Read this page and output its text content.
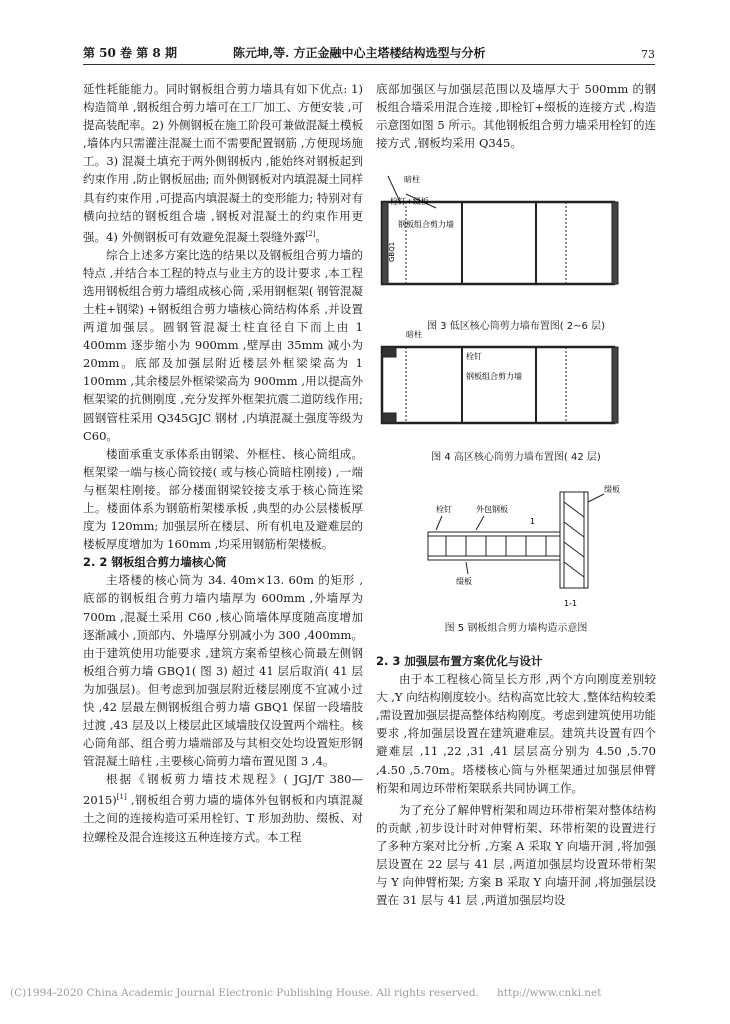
第 50 卷 第 8 期	陈元坤,等. 方正金融中心主塔楼结构选型与分析	73

延性耗能能力。同时钢板组合剪力墙具有如下优点: 1) 构造简单 ,钢板组合剪力墙可在工厂加工、方便安装 ,可提高装配率。2) 外侧钢板在施工阶段可兼做混凝土模板 ,墙体内只需灌注混凝土而不需要配置钢筋 ,方便现场施工。3) 混凝土填充于两外侧钢板内 ,能始终对钢板起到约束作用 ,防止钢板屈曲; 而外侧钢板对内填混凝土同样具有约束作用 ,可提高内填混凝土的变形能力; 特别对有横向拉结的钢板组合墙 ,钢板对混凝土的约束作用更强。4) 外侧钢板可有效避免混凝土裂缝外露[2]。

综合上述多方案比选的结果以及钢板组合剪力墙的特点 ,并结合本工程的特点与业主方的设计要求 ,本工程选用钢板组合剪力墙组成核心筒 ,采用钢框架( 钢管混凝土柱+钢梁) +钢板组合剪力墙核心筒结构体系 ,并设置两道加强层。圆钢管混凝土柱直径自下而上由 1 400mm 逐步缩小为 900mm ,壁厚由 35mm 减小为 20mm。底部及加强层附近楼层外框梁梁高为 1 100mm ,其余楼层外框梁梁高为 900mm ,用以提高外框架梁的抗侧刚度 ,充分发挥外框架抗震二道防线作用; 圆钢管柱采用 Q345GJC 钢材 ,内填混凝土强度等级为 C60。

楼面承重支承体系由钢梁、外框柱、核心筒组成。框架梁一端与核心筒铰接( 或与核心筒暗柱刚接) ,一端与框架柱刚接。部分楼面钢梁铰接支承于核心筒连梁上。楼面体系为钢筋桁架楼承板 ,典型的办公层楼板厚度为 120mm; 加强层所在楼层、所有机电及避难层的楼板厚度增加为 160mm ,均采用钢筋桁架楼板。

2. 2 钢板组合剪力墙核心筒

主塔楼的核心筒为 34. 40m×13. 60m 的矩形 ,底部的钢板组合剪力墙内墙厚为 600mm ,外墙厚为 700m ,混凝土采用 C60 ,核心筒墙体厚度随高度增加逐渐减小 ,顶部内、外墙厚分别减小为 300 ,400mm。由于建筑使用功能要求 ,建筑方案希望核心筒最左侧钢板组合剪力墙 GBQ1( 图 3) 超过 41 层后取消( 41 层为加强层)。但考虑到加强层附近楼层刚度不宜减小过快 ,42 层最左侧钢板组合剪力墙 GBQ1 保留一段墙肢过渡 ,43 层及以上楼层此区域墙肢仅设置两个端柱。核心筒角部、组合剪力墙端部及与其相交处均设置矩形钢管混凝土暗柱 ,主要核心筒剪力墙布置见图 3 ,4。

根据《钢板剪力墙技术规程》( JGJ/T 380—2015)[1] ,钢板组合剪力墙的墙体外包钢板和内填混凝土之间的连接构造可采用栓钉、T 形加劲肋、缀板、对拉螺栓及混合连接这五种连接方式。本工程

底部加强区与加强层范围以及墙厚大于 500mm 的钢板组合墙采用混合连接 ,即栓钉+缀板的连接方式 ,构造示意图如图 5 所示。其他钢板组合剪力墙采用栓钉的连接方式 ,钢板均采用 Q345。

暗柱
栓钉+缀板
钢板组合剪力墙
GBQ1
图 3 低区核心筒剪力墙布置图( 2~6 层)
暗柱
栓钉
钢板组合剪力墙
图 4 高区核心筒剪力墙布置图( 42 层)
栓钉	外包钢板
缀板
缀板
1
1-1
图 5 钢板组合剪力墙构造示意图

2. 3 加强层布置方案优化与设计

由于本工程核心筒呈长方形 ,两个方向刚度差别较大 ,Y 向结构刚度较小。结构高宽比较大 ,整体结构较柔 ,需设置加强层提高整体结构刚度。考虑到建筑使用功能要求 ,将加强层设置在建筑避难层。建筑共设置有四个避难层 ,11 ,22 ,31 ,41 层层高分别为 4.50 ,5.70 ,4.50 ,5.70m。塔楼核心筒与外框架通过加强层伸臂桁架和周边环带桁架联系共同协调工作。

为了充分了解伸臂桁架和周边环带桁架对整体结构的贡献 ,初步设计时对伸臂桁架、环带桁架的设置进行了多种方案对比分析 ,方案 A 采取 Y 向墙开洞 ,将加强层设置在 22 层与 41 层 ,两道加强层均设置环带桁架与 Y 向伸臂桁架; 方案 B 采取 Y 向墙开洞 ,将加强层设置在 31 层与 41 层 ,两道加强层均设

(C)1994-2020 China Academic Journal Electronic Publishing House. All rights reserved. http://www.cnki.net
